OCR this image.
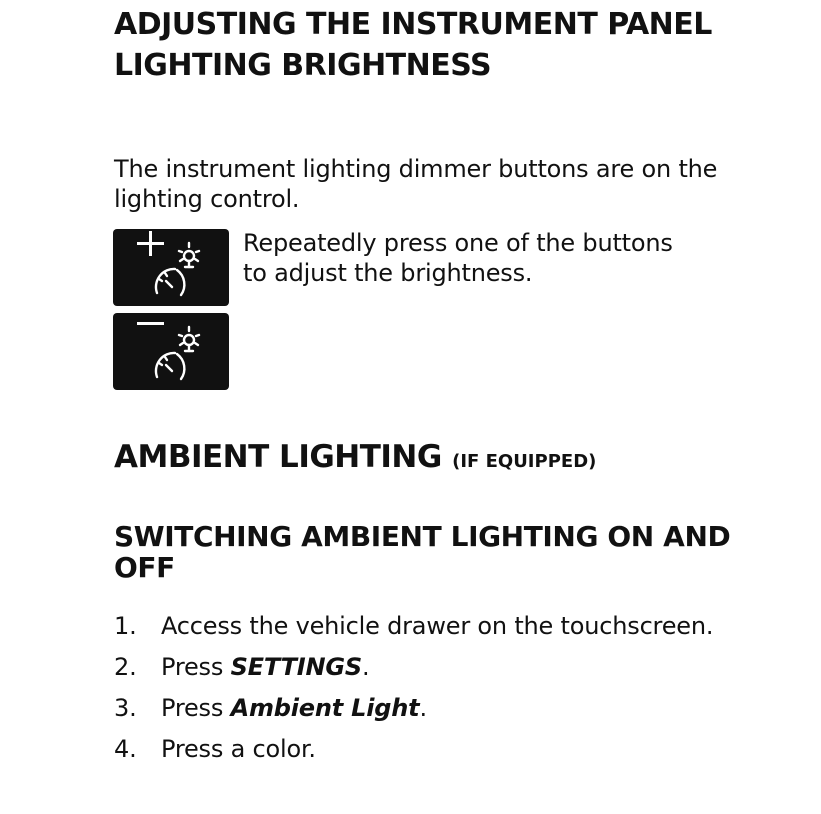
ADJUSTING THE INSTRUMENT PANEL LIGHTING BRIGHTNESS

The instrument lighting dimmer buttons are on the lighting control.

Repeatedly press one of the buttons to adjust the brightness.

AMBIENT LIGHTING (IF EQUIPPED)
SWITCHING AMBIENT LIGHTING ON AND OFF
1. Access the vehicle drawer on the touchscreen.
2. Press SETTINGS.
3. Press Ambient Light.
4. Press a color.
